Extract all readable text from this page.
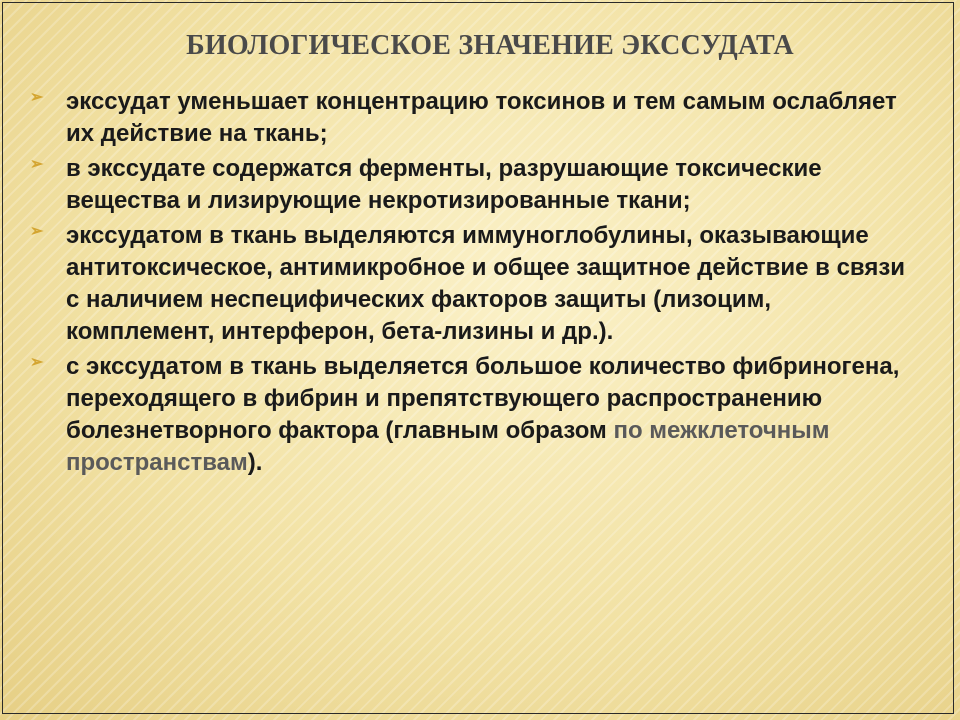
БИОЛОГИЧЕСКОЕ ЗНАЧЕНИЕ ЭКССУДАТА
➢ экссудат уменьшает концентрацию токсинов и тем самым ослабляет их действие на ткань;
➢ в экссудате содержатся ферменты, разрушающие токсические вещества и лизирующие некротизированные ткани;
➢ экссудатом в ткань выделяются иммуноглобулины, оказывающие антитоксическое, антимикробное и общее защитное действие в связи с наличием неспецифических факторов защиты (лизоцим, комплемент, интерферон, бета-лизины и др.).
➢ с экссудатом в ткань выделяется большое количество фибриногена, переходящего в фибрин и препятствующего распространению болезнетворного фактора (главным образом по межклеточным пространствам).
